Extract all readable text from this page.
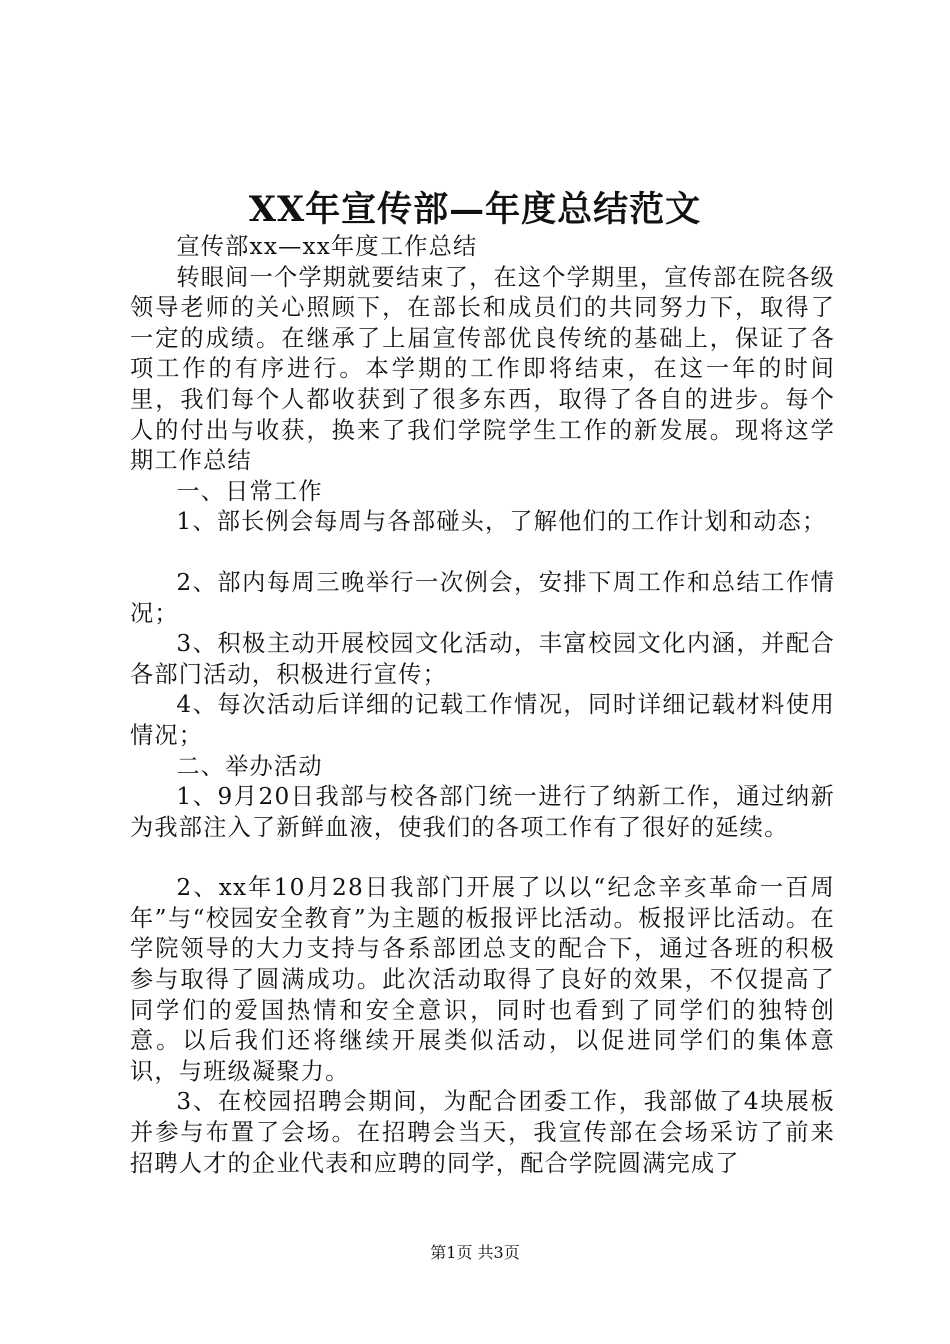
XX年宣传部—年度总结范文

宣传部xx—xx年度工作总结

转眼间一个学期就要结束了，在这个学期里，宣传部在院各级领导老师的关心照顾下，在部长和成员们的共同努力下，取得了一定的成绩。在继承了上届宣传部优良传统的基础上，保证了各项工作的有序进行。本学期的工作即将结束，在这一年的时间里，我们每个人都收获到了很多东西，取得了各自的进步。每个人的付出与收获，换来了我们学院学生工作的新发展。现将这学期工作总结

一、日常工作

1、部长例会每周与各部碰头，了解他们的工作计划和动态；

2、部内每周三晚举行一次例会，安排下周工作和总结工作情况；

3、积极主动开展校园文化活动，丰富校园文化内涵，并配合各部门活动，积极进行宣传；

4、每次活动后详细的记载工作情况，同时详细记载材料使用情况；

二、举办活动

1、9月20日我部与校各部门统一进行了纳新工作，通过纳新为我部注入了新鲜血液，使我们的各项工作有了很好的延续。

2、xx年10月28日我部门开展了以以“纪念辛亥革命一百周年”与“校园安全教育”为主题的板报评比活动。板报评比活动。在学院领导的大力支持与各系部团总支的配合下，通过各班的积极参与取得了圆满成功。此次活动取得了良好的效果，不仅提高了同学们的爱国热情和安全意识，同时也看到了同学们的独特创意。以后我们还将继续开展类似活动，以促进同学们的集体意识，与班级凝聚力。

3、在校园招聘会期间，为配合团委工作，我部做了4块展板并参与布置了会场。在招聘会当天，我宣传部在会场采访了前来招聘人才的企业代表和应聘的同学，配合学院圆满完成了

第1页 共3页
